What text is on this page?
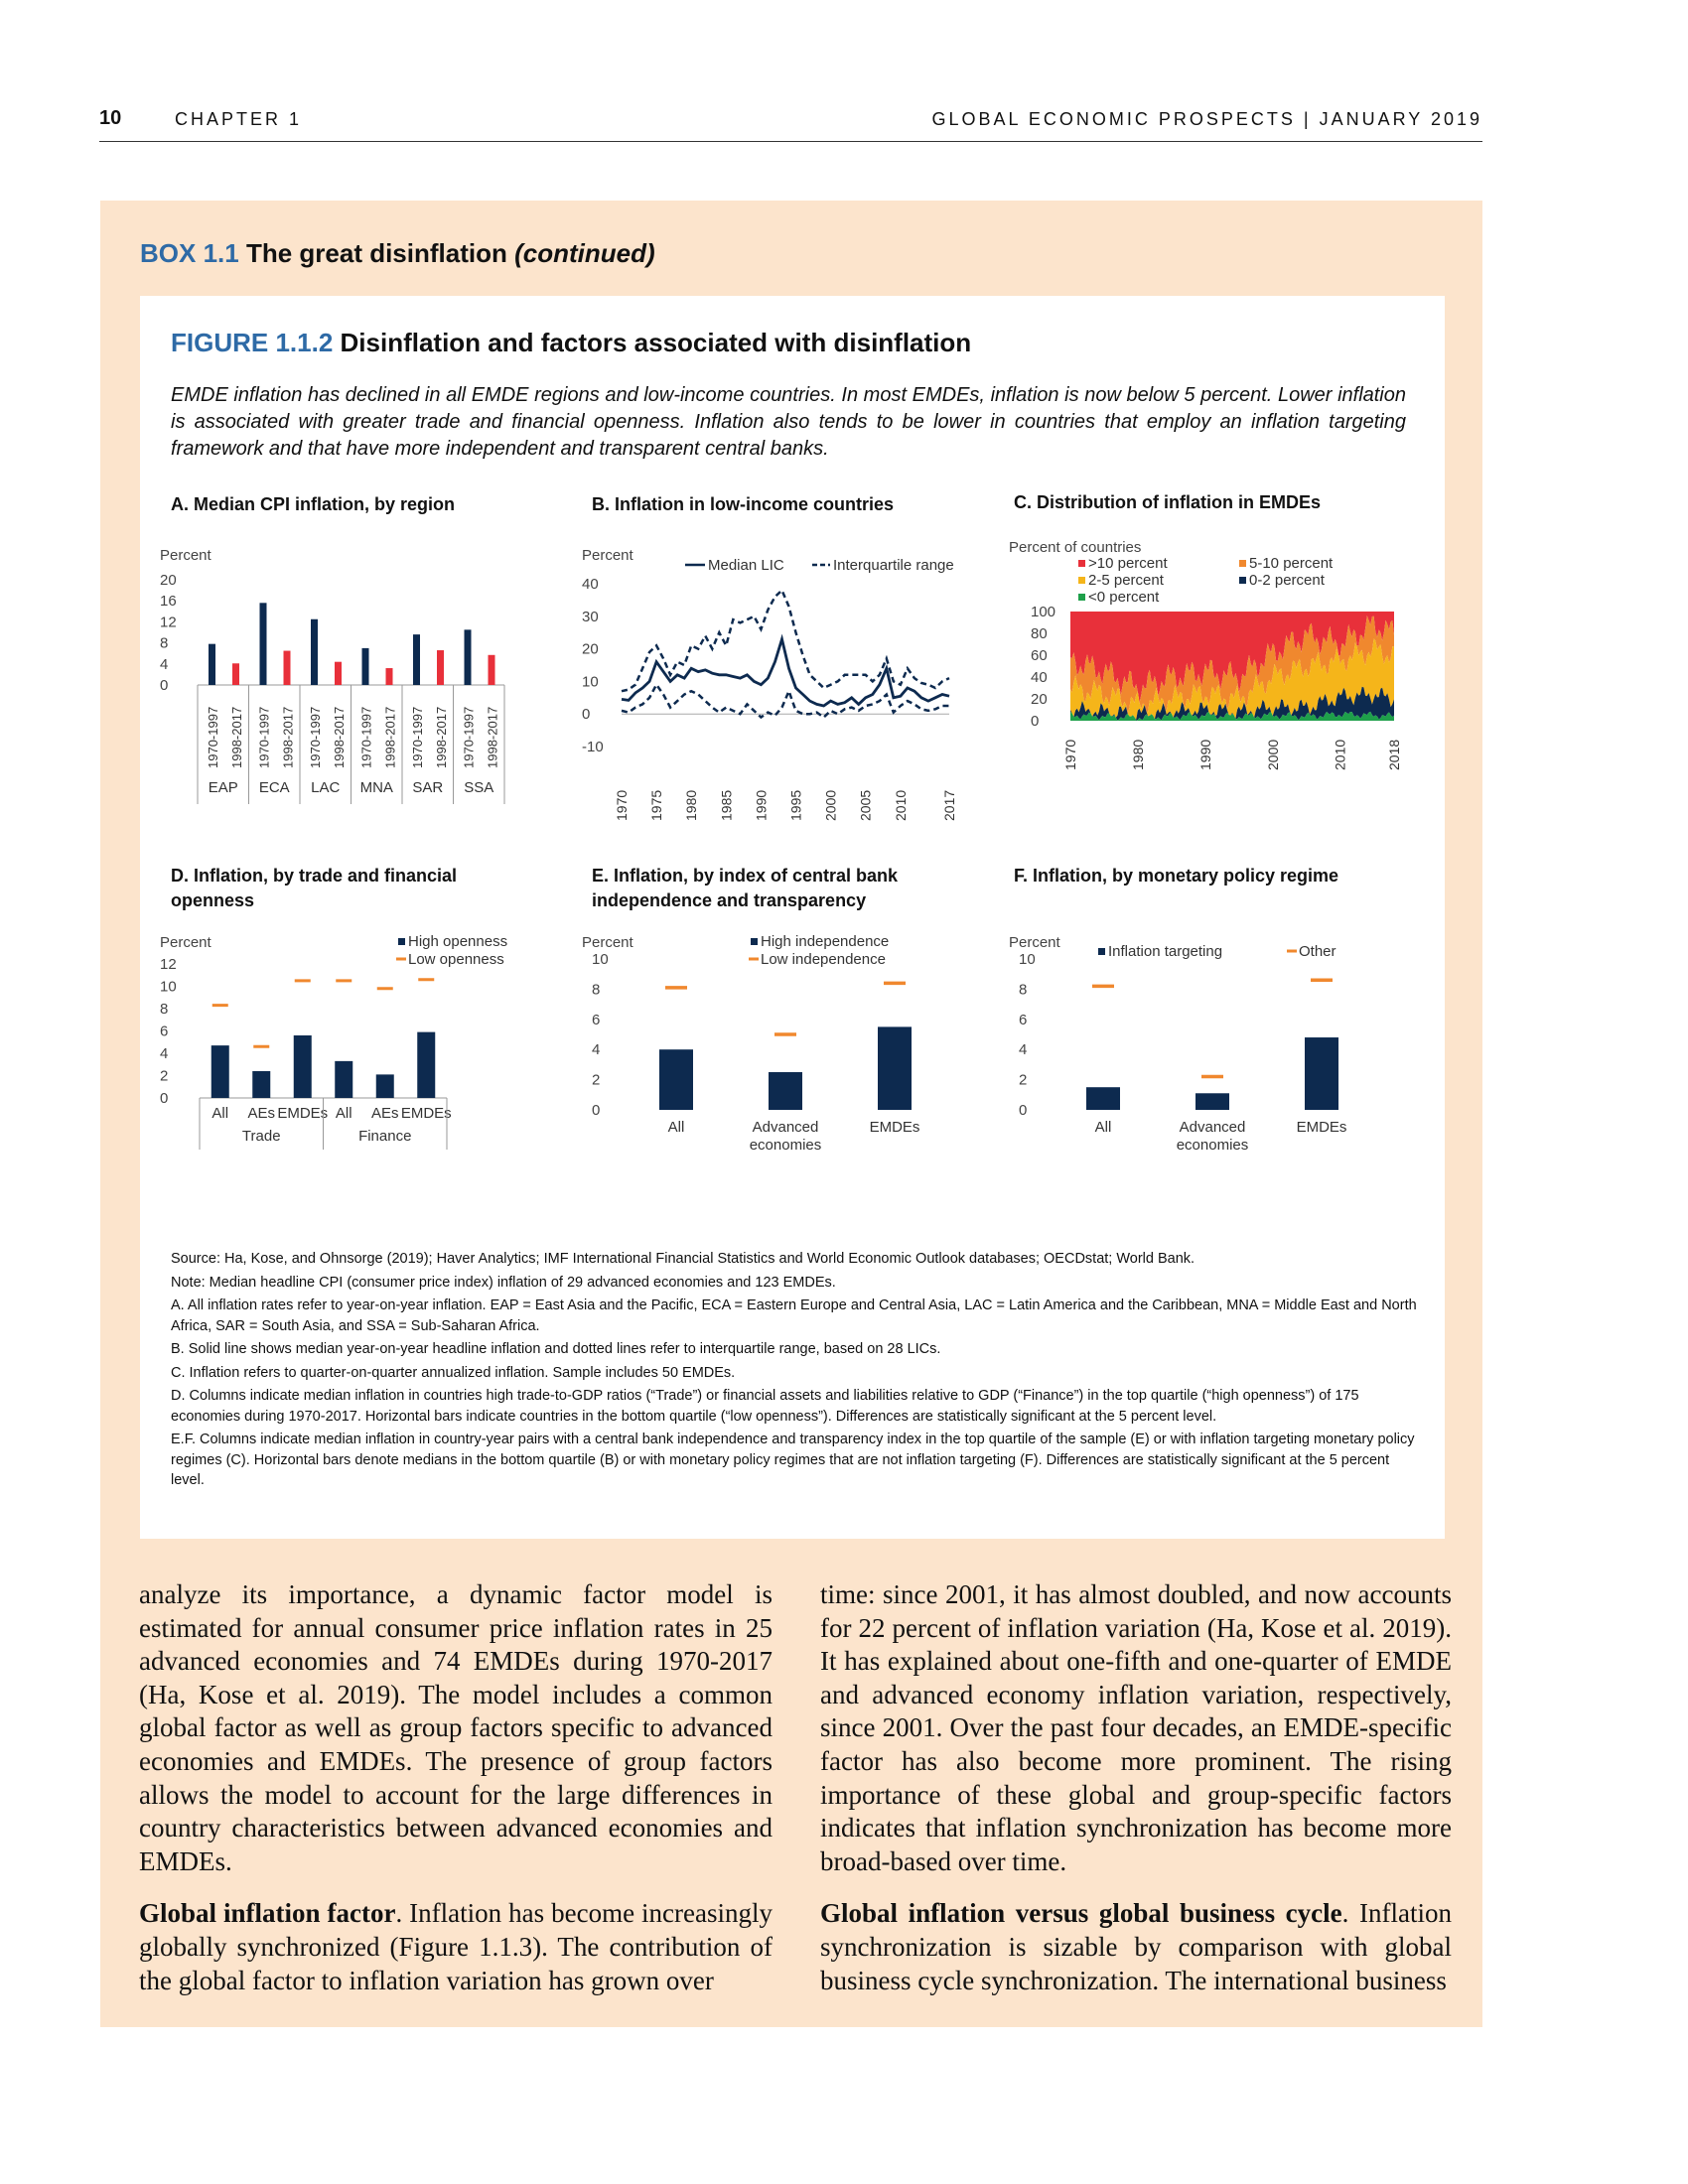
10	CHAPTER 1	GLOBAL ECONOMIC PROSPECTS | JANUARY 2019
BOX 1.1 The great disinflation (continued)
FIGURE 1.1.2 Disinflation and factors associated with disinflation
EMDE inflation has declined in all EMDE regions and low-income countries. In most EMDEs, inflation is now below 5 percent. Lower inflation is associated with greater trade and financial openness. Inflation also tends to be lower in countries that employ an inflation targeting framework and that have more independent and transparent central banks.
A. Median CPI inflation, by region	B. Inflation in low-income countries	C. Distribution of inflation in EMDEs
D. Inflation, by trade and financial openness
E. Inflation, by index of central bank independence and transparency
F. Inflation, by monetary policy regime
Percent
0
4
8
12
16
20
1970-1997 1998-2017
EAP
1970-1997 1998-2017
ECA
1970-1997 1998-2017
LAC
1970-1997 1998-2017
MNA
1970-1997 1998-2017
SAR
1970-1997 1998-2017
SSA
Percent
-10
0
10
20
30
40
Median LIC	Interquartile range
1970 1975 1980 1985 1990 1995 2000 2005 2010 2017
Percent of countries
0
20
40
60
80
100
>10 percent	5-10 percent
2-5 percent	0-2 percent
<0 percent
1970	1980	1990	2000	2010	2018
Percent
0
2
4
6
8
10
12
High openness
Low openness
All AEs EMDEs All AEs EMDEs
Trade	Finance
Percent
0
2
4
6
8
10
High independence
Low independence
All	Advanced
economies
EMDEs
Percent
0
2
4
6
8
10	Inflation targeting	Other
All	Advanced
economies
EMDEs

Source: Ha, Kose, and Ohnsorge (2019); Haver Analytics; IMF International Financial Statistics and World Economic Outlook databases; OECDstat; World Bank.

Note: Median headline CPI (consumer price index) inflation of 29 advanced economies and 123 EMDEs.

A. All inflation rates refer to year-on-year inflation. EAP = East Asia and the Pacific, ECA = Eastern Europe and Central Asia, LAC = Latin America and the Caribbean, MNA = Middle East and North Africa, SAR = South Asia, and SSA = Sub-Saharan Africa.

B. Solid line shows median year-on-year headline inflation and dotted lines refer to interquartile range, based on 28 LICs.

C. Inflation refers to quarter-on-quarter annualized inflation. Sample includes 50 EMDEs.

D. Columns indicate median inflation in countries high trade-to-GDP ratios (“Trade”) or financial assets and liabilities relative to GDP (“Finance”) in the top quartile (“high openness”) of 175 economies during 1970-2017. Horizontal bars indicate countries in the bottom quartile (“low openness”). Differences are statistically significant at the 5 percent level.

E.F. Columns indicate median inflation in country-year pairs with a central bank independence and transparency index in the top quartile of the sample (E) or with inflation targeting monetary policy regimes (C). Horizontal bars denote medians in the bottom quartile (B) or with monetary policy regimes that are not inflation targeting (F). Differences are statistically significant at the 5 percent level.

analyze its importance, a dynamic factor model is estimated for annual consumer price inflation rates in 25 advanced economies and 74 EMDEs during 1970-2017 (Ha, Kose et al. 2019). The model includes a common global factor as well as group factors specific to advanced economies and EMDEs. The presence of group factors allows the model to account for the large differences in country characteristics between advanced economies and EMDEs.

Global inflation factor. Inflation has become increasingly globally synchronized (Figure 1.1.3). The contribution of the global factor to inflation variation has grown over

time: since 2001, it has almost doubled, and now accounts for 22 percent of inflation variation (Ha, Kose et al. 2019). It has explained about one-fifth and one-quarter of EMDE and advanced economy inflation variation, respectively, since 2001. Over the past four decades, an EMDE-specific factor has also become more prominent. The rising importance of these global and group-specific factors indicates that inflation synchronization has become more broad-based over time.

Global inflation versus global business cycle. Inflation synchronization is sizable by comparison with global business cycle synchronization. The international business
